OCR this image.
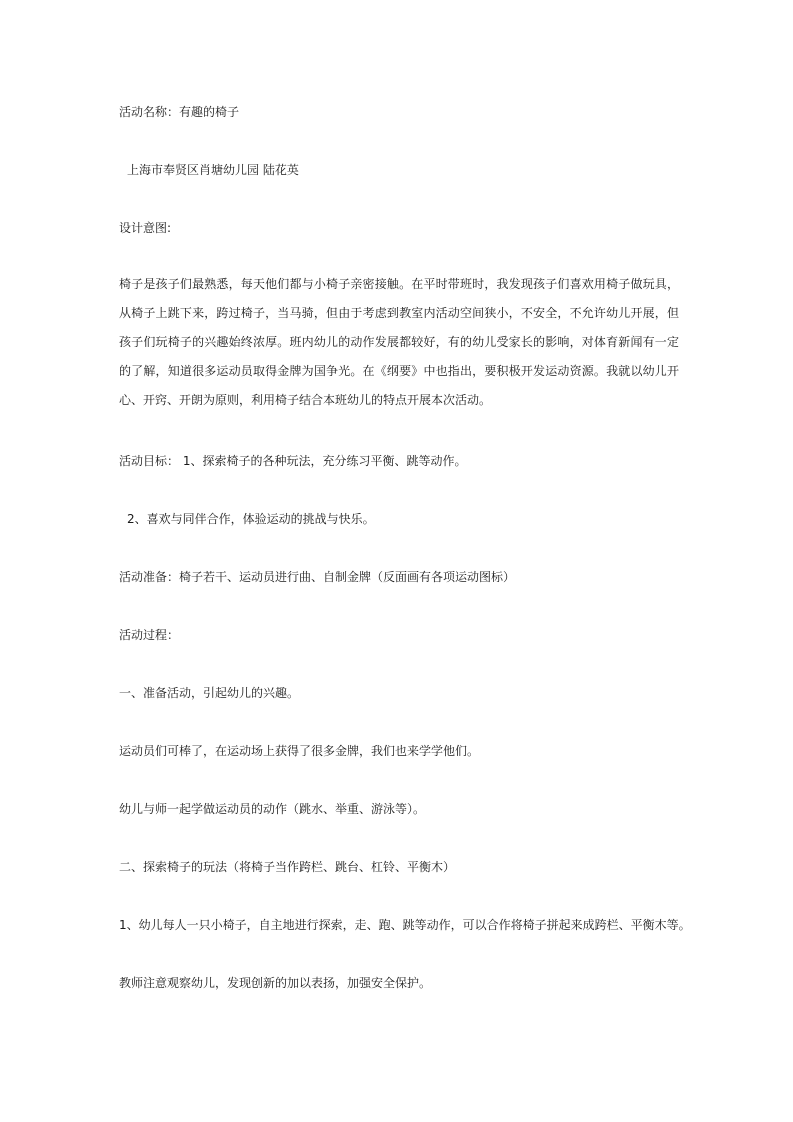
活动名称：有趣的椅子

上海市奉贤区肖塘幼儿园 陆花英

设计意图:

椅子是孩子们最熟悉，每天他们都与小椅子亲密接触。在平时带班时，我发现孩子们喜欢用椅子做玩具，从椅子上跳下来，跨过椅子，当马骑，但由于考虑到教室内活动空间狭小，不安全，不允许幼儿开展，但孩子们玩椅子的兴趣始终浓厚。班内幼儿的动作发展都较好，有的幼儿受家长的影响，对体育新闻有一定的了解，知道很多运动员取得金牌为国争光。在《纲要》中也指出，要积极开发运动资源。我就以幼儿开心、开窍、开朗为原则，利用椅子结合本班幼儿的特点开展本次活动。

活动目标： 1、探索椅子的各种玩法，充分练习平衡、跳等动作。

2、喜欢与同伴合作，体验运动的挑战与快乐。

活动准备：椅子若干、运动员进行曲、自制金牌（反面画有各项运动图标）

活动过程：

一、准备活动，引起幼儿的兴趣。

运动员们可棒了，在运动场上获得了很多金牌，我们也来学学他们。

幼儿与师一起学做运动员的动作（跳水、举重、游泳等）。

二、探索椅子的玩法（将椅子当作跨栏、跳台、杠铃、平衡木）

1、幼儿每人一只小椅子，自主地进行探索，走、跑、跳等动作，可以合作将椅子拼起来成跨栏、平衡木等。

教师注意观察幼儿，发现创新的加以表扬，加强安全保护。
